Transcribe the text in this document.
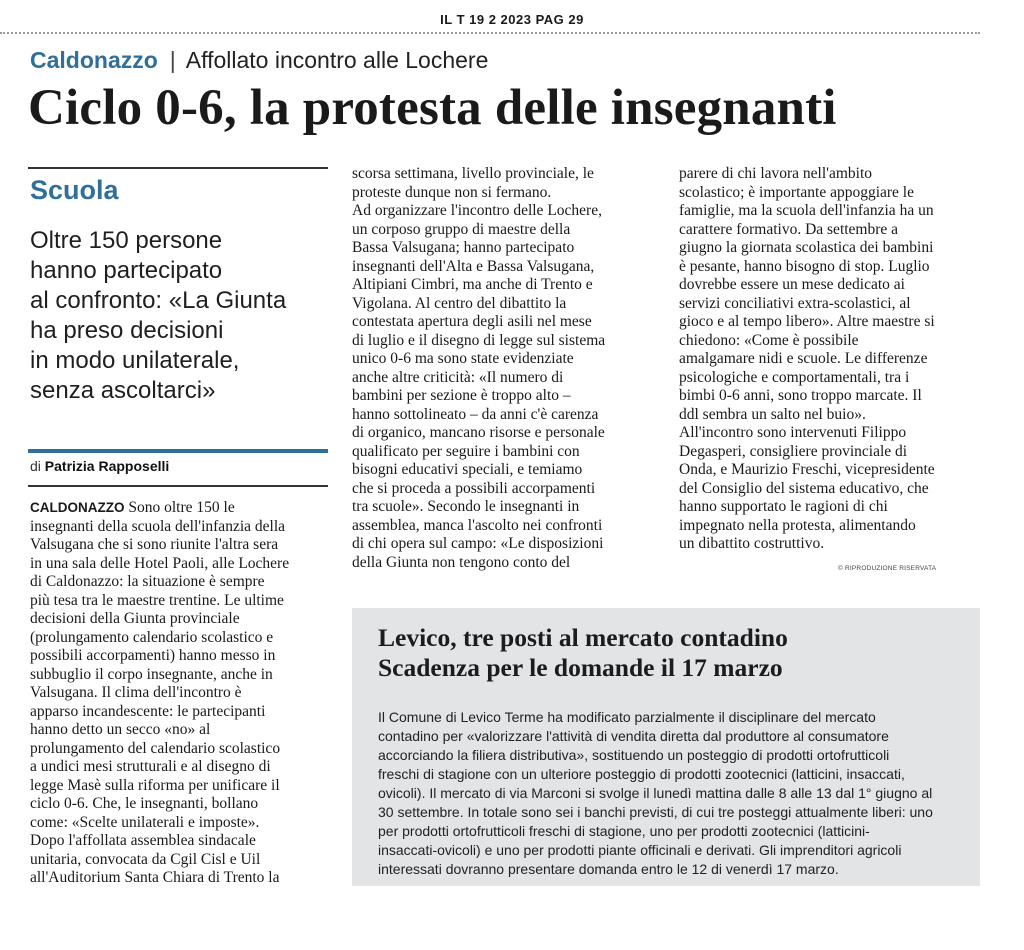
IL T 19 2 2023 PAG 29
Caldonazzo | Affollato incontro alle Lochere
Ciclo 0-6, la protesta delle insegnanti
Scuola
Oltre 150 persone
hanno partecipato
al confronto: «La Giunta
ha preso decisioni
in modo unilaterale,
senza ascoltarci»
di Patrizia Rapposelli
CALDONAZZO Sono oltre 150 le
insegnanti della scuola dell'infanzia della
Valsugana che si sono riunite l'altra sera
in una sala delle Hotel Paoli, alle Lochere
di Caldonazzo: la situazione è sempre
più tesa tra le maestre trentine. Le ultime
decisioni della Giunta provinciale
(prolungamento calendario scolastico e
possibili accorpamenti) hanno messo in
subbuglio il corpo insegnante, anche in
Valsugana. Il clima dell'incontro è
apparso incandescente: le partecipanti
hanno detto un secco «no» al
prolungamento del calendario scolastico
a undici mesi strutturali e al disegno di
legge Masè sulla riforma per unificare il
ciclo 0-6. Che, le insegnanti, bollano
come: «Scelte unilaterali e imposte».
Dopo l'affollata assemblea sindacale
unitaria, convocata da Cgil Cisl e Uil
all'Auditorium Santa Chiara di Trento la
scorsa settimana, livello provinciale, le
proteste dunque non si fermano.
Ad organizzare l'incontro delle Lochere,
un corposo gruppo di maestre della
Bassa Valsugana; hanno partecipato
insegnanti dell'Alta e Bassa Valsugana,
Altipiani Cimbri, ma anche di Trento e
Vigolana. Al centro del dibattito la
contestata apertura degli asili nel mese
di luglio e il disegno di legge sul sistema
unico 0-6 ma sono state evidenziate
anche altre criticità: «Il numero di
bambini per sezione è troppo alto –
hanno sottolineato – da anni c'è carenza
di organico, mancano risorse e personale
qualificato per seguire i bambini con
bisogni educativi speciali, e temiamo
che si proceda a possibili accorpamenti
tra scuole». Secondo le insegnanti in
assemblea, manca l'ascolto nei confronti
di chi opera sul campo: «Le disposizioni
della Giunta non tengono conto del
parere di chi lavora nell'ambito
scolastico; è importante appoggiare le
famiglie, ma la scuola dell'infanzia ha un
carattere formativo. Da settembre a
giugno la giornata scolastica dei bambini
è pesante, hanno bisogno di stop. Luglio
dovrebbe essere un mese dedicato ai
servizi conciliativi extra-scolastici, al
gioco e al tempo libero». Altre maestre si
chiedono: «Come è possibile
amalgamare nidi e scuole. Le differenze
psicologiche e comportamentali, tra i
bimbi 0-6 anni, sono troppo marcate. Il
ddl sembra un salto nel buio».
All'incontro sono intervenuti Filippo
Degasperi, consigliere provinciale di
Onda, e Maurizio Freschi, vicepresidente
del Consiglio del sistema educativo, che
hanno supportato le ragioni di chi
impegnato nella protesta, alimentando
un dibattito costruttivo.
© RIPRODUZIONE RISERVATA
Levico, tre posti al mercato contadino
Scadenza per le domande il 17 marzo
Il Comune di Levico Terme ha modificato parzialmente il disciplinare del mercato
contadino per «valorizzare l'attività di vendita diretta dal produttore al consumatore
accorciando la filiera distributiva», sostituendo un posteggio di prodotti ortofrutticoli
freschi di stagione con un ulteriore posteggio di prodotti zootecnici (latticini, insaccati,
ovicoli). Il mercato di via Marconi si svolge il lunedì mattina dalle 8 alle 13 dal 1° giugno al
30 settembre. In totale sono sei i banchi previsti, di cui tre posteggi attualmente liberi: uno
per prodotti ortofrutticoli freschi di stagione, uno per prodotti zootecnici (latticini-
insaccati-ovicoli) e uno per prodotti piante officinali e derivati. Gli imprenditori agricoli
interessati dovranno presentare domanda entro le 12 di venerdì 17 marzo.
